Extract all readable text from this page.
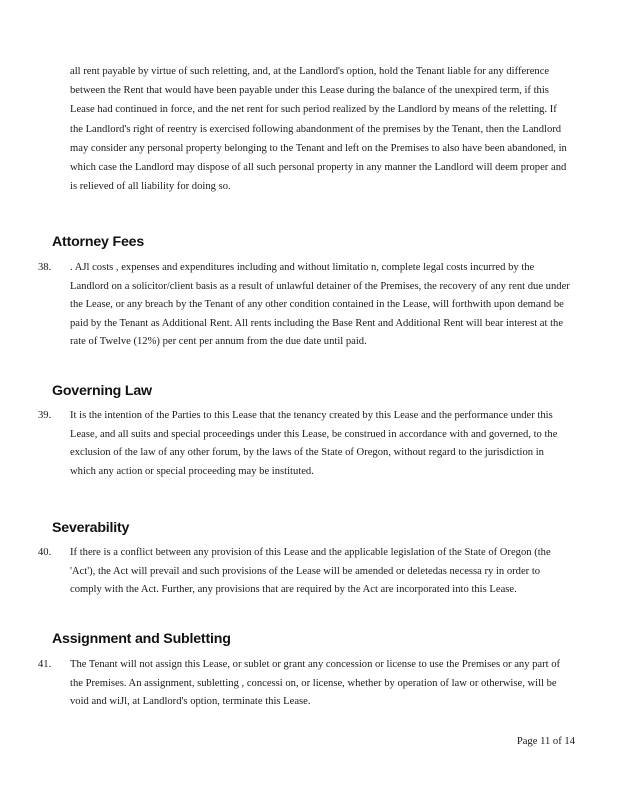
all rent payable by virtue of such reletting, and, at the Landlord's option, hold the Tenant liable for any difference between the Rent that would have been payable under this Lease during the balance of the unexpired term, if this Lease had continued in force, and the net rent for such period realized by the Landlord by means of the reletting. If the Landlord's right of reentry is exercised following abandonment of the premises by the Tenant, then the Landlord may consider any personal property belonging to the Tenant and left on the Premises to also have been abandoned, in which case the Landlord may dispose of all such personal property in any manner the Landlord will deem proper and is relieved of all liability for doing so.

Attorney Fees
38. . AJl costs , expenses and expenditures including and without limitatio n, complete legal costs incurred by the Landlord on a solicitor/client basis as a result of unlawful detainer of the Premises, the recovery of any rent due under the Lease, or any breach by the Tenant of any other condition contained in the Lease, will forthwith upon demand be paid by the Tenant as Additional Rent. All rents including the Base Rent and Additional Rent will bear interest at the rate of Twelve (12%) per cent per annum from the due date until paid.
Governing Law
39. It is the intention of the Parties to this Lease that the tenancy created by this Lease and the performance under this Lease, and all suits and special proceedings under this Lease, be construed in accordance with and governed, to the exclusion of the law of any other forum, by the laws of the State of Oregon, without regard to the jurisdiction in which any action or special proceeding may be instituted.
Severability
40. If there is a conflict between any provision of this Lease and the applicable legislation of the State of Oregon (the 'Act'), the Act will prevail and such provisions of the Lease will be amended or deletedas necessa ry in order to comply with the Act. Further, any provisions that are required by the Act are incorporated into this Lease.
Assignment and Subletting
41. The Tenant will not assign this Lease, or sublet or grant any concession or license to use the Premises or any part of the Premises. An assignment, subletting , concessi on, or license, whether by operation of law or otherwise, will be void and wiJl, at Landlord's option, terminate this Lease.
Page 11 of 14
